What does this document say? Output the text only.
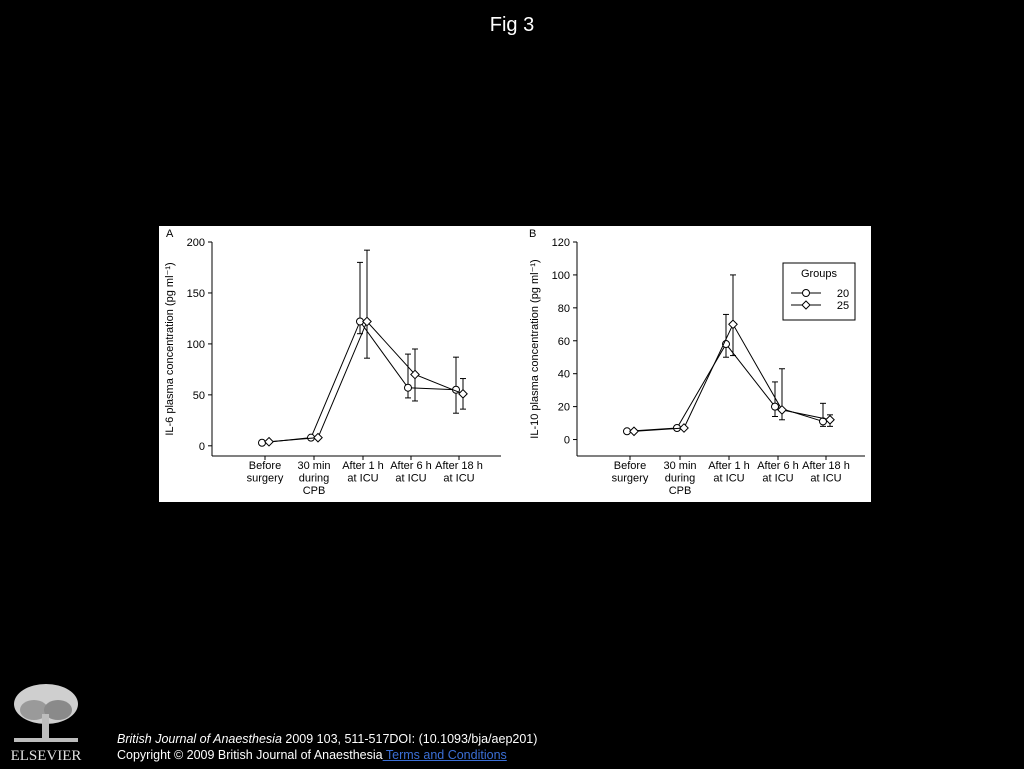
Fig 3
A
0
50
100
150
200
IL-6 plasma concentration (pg ml⁻¹)
Before surgery
30 min during CPB
After 1 h at ICU
After 6 h at ICU
After 18 h at ICU
B
0
20
40
60
80
100
120
IL-10 plasma concentration (pg ml⁻¹)
Before surgery
30 min during CPB
After 1 h at ICU
After 6 h at ICU
After 18 h at ICU
Groups
20
25
ELSEVIER
British Journal of Anaesthesia 2009 103, 511-517DOI: (10.1093/bja/aep201)
Copyright © 2009 British Journal of Anaesthesia Terms and Conditions
